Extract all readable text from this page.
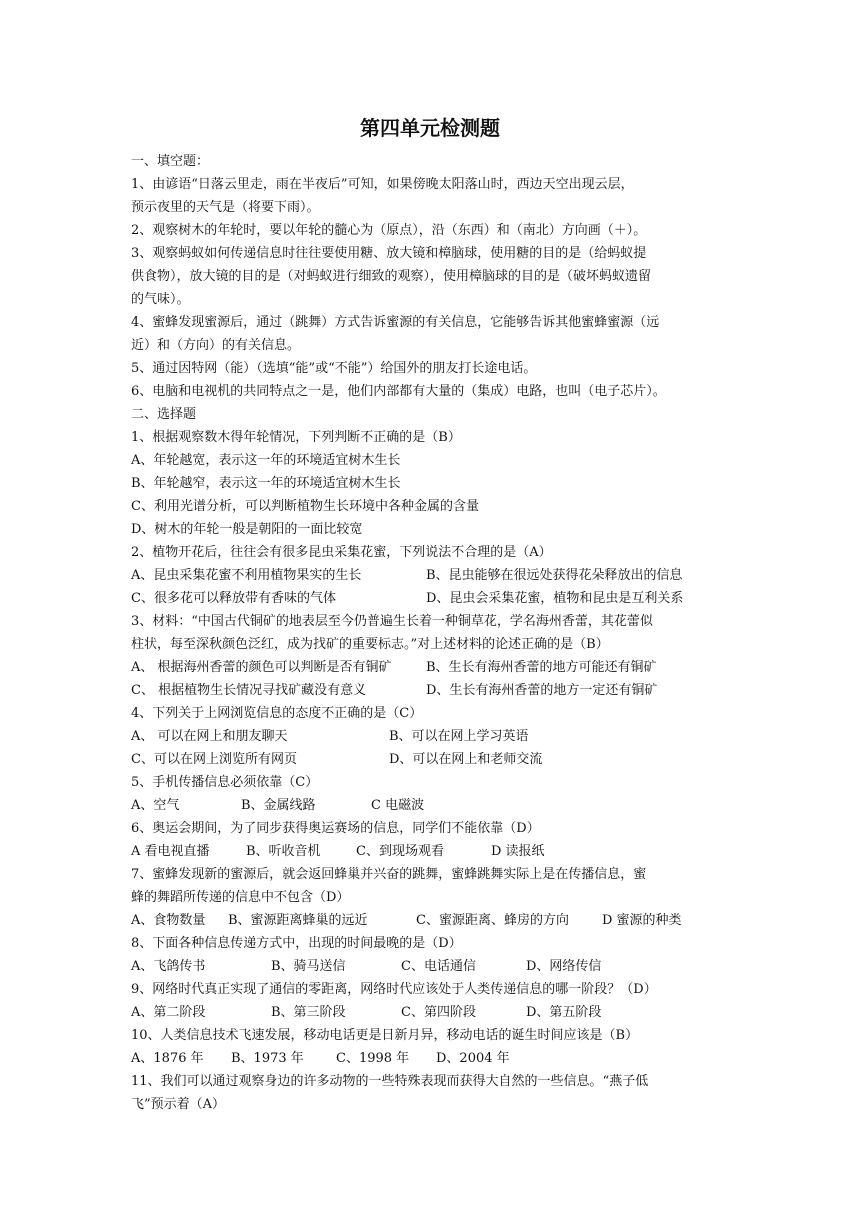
第四单元检测题
一、填空题：
1、由谚语“日落云里走，雨在半夜后”可知，如果傍晚太阳落山时，西边天空出现云层，
预示夜里的天气是（将要下雨）。
2、观察树木的年轮时，要以年轮的髓心为（原点），沿（东西）和（南北）方向画（＋）。
3、观察蚂蚁如何传递信息时往往要使用糖、放大镜和樟脑球，使用糖的目的是（给蚂蚁提
供食物），放大镜的目的是（对蚂蚁进行细致的观察），使用樟脑球的目的是（破坏蚂蚁遗留
的气味）。
4、蜜蜂发现蜜源后，通过（跳舞）方式告诉蜜源的有关信息，它能够告诉其他蜜蜂蜜源（远
近）和（方向）的有关信息。
5、通过因特网（能）（选填“能”或“不能”）给国外的朋友打长途电话。
6、电脑和电视机的共同特点之一是，他们内部都有大量的（集成）电路，也叫（电子芯片）。
二、选择题
1、根据观察数木得年轮情况，下列判断不正确的是（B）
A、年轮越宽，表示这一年的环境适宜树木生长
B、年轮越窄，表示这一年的环境适宜树木生长
C、利用光谱分析，可以判断植物生长环境中各种金属的含量
D、树木的年轮一般是朝阳的一面比较宽
2、植物开花后，往往会有很多昆虫采集花蜜，下列说法不合理的是（A）
A、昆虫采集花蜜不利用植物果实的生长	B、昆虫能够在很远处获得花朵释放出的信息
C、很多花可以释放带有香味的气体	D、昆虫会采集花蜜，植物和昆虫是互利关系
3、材料：“中国古代铜矿的地表层至今仍普遍生长着一种铜草花，学名海州香蕾，其花蕾似
柱状，每至深秋颜色泛红，成为找矿的重要标志。”对上述材料的论述正确的是（B）
A、 根据海州香蕾的颜色可以判断是否有铜矿	B、生长有海州香蕾的地方可能还有铜矿
C、 根据植物生长情况寻找矿藏没有意义	D、生长有海州香蕾的地方一定还有铜矿
4、下列关于上网浏览信息的态度不正确的是（C）
A、 可以在网上和朋友聊天	B、可以在网上学习英语
C、可以在网上浏览所有网页	D、可以在网上和老师交流
5、手机传播信息必须依靠（C）
A、空气	B、金属线路	C 电磁波
6、奥运会期间，为了同步获得奥运赛场的信息，同学们不能依靠（D）
A 看电视直播	B、听收音机	C、到现场观看	D 读报纸
7、蜜蜂发现新的蜜源后，就会返回蜂巢并兴奋的跳舞，蜜蜂跳舞实际上是在传播信息，蜜
蜂的舞蹈所传递的信息中不包含（D）
A、食物数量	B、蜜源距离蜂巢的远近	C、蜜源距离、蜂房的方向	D 蜜源的种类
8、下面各种信息传递方式中，出现的时间最晚的是（D）
A、飞鸽传书	B、骑马送信	C、电话通信	D、网络传信
9、网络时代真正实现了通信的零距离，网络时代应该处于人类传递信息的哪一阶段？（D）
A、第二阶段	B、第三阶段	C、第四阶段	D、第五阶段
10、人类信息技术飞速发展，移动电话更是日新月异，移动电话的诞生时间应该是（B）
A、1876 年	B、1973 年	C、1998 年	D、2004 年
11、我们可以通过观察身边的许多动物的一些特殊表现而获得大自然的一些信息。“燕子低
飞”预示着（A）
